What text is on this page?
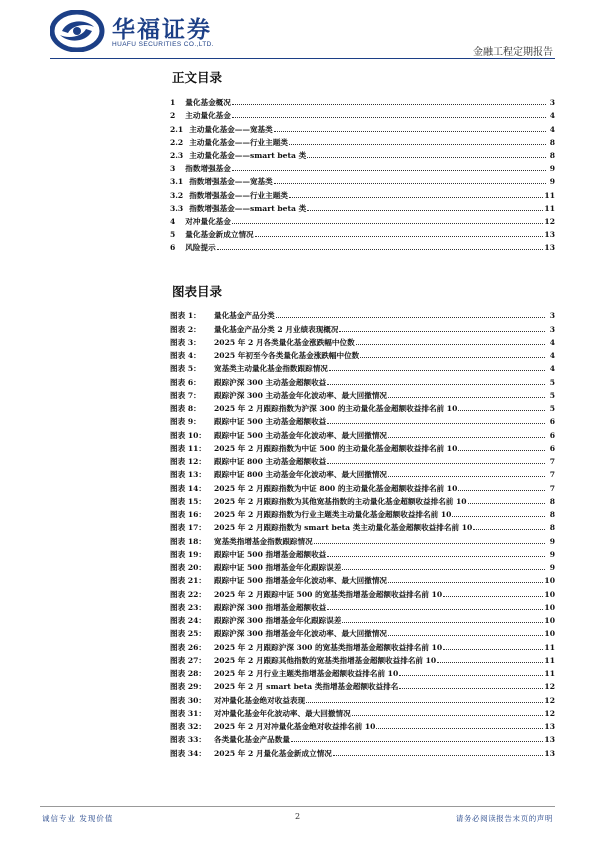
华福证券
HUAFU SECURITIES CO.,LTD.
金融工程定期报告
正文目录
1 量化基金概况	3
2 主动量化基金	4
2.1 主动量化基金——宽基类	4
2.2 主动量化基金——行业主题类	8
2.3 主动量化基金——smart beta 类	8
3 指数增强基金	9
3.1 指数增强基金——宽基类	9
3.2 指数增强基金——行业主题类	11
3.3 指数增强基金——smart beta 类	11
4 对冲量化基金	12
5 量化基金新成立情况	13
6 风险提示	13
图表目录
图表 1：	量化基金产品分类	3
图表 2：	量化基金产品分类 2 月业绩表现概况	3
图表 3：	2025 年 2 月各类量化基金涨跌幅中位数	4
图表 4：	2025 年初至今各类量化基金涨跌幅中位数	4
图表 5：	宽基类主动量化基金指数跟踪情况	4
图表 6：	跟踪沪深 300 主动基金超额收益	5
图表 7：	跟踪沪深 300 主动基金年化波动率、最大回撤情况	5
图表 8：	2025 年 2 月跟踪指数为沪深 300 的主动量化基金超额收益排名前 10	5
图表 9：	跟踪中证 500 主动基金超额收益	6
图表 10：	跟踪中证 500 主动基金年化波动率、最大回撤情况	6
图表 11：	2025 年 2 月跟踪指数为中证 500 的主动量化基金超额收益排名前 10	6
图表 12：	跟踪中证 800 主动基金超额收益	7
图表 13：	跟踪中证 800 主动基金年化波动率、最大回撤情况	7
图表 14：	2025 年 2 月跟踪指数为中证 800 的主动量化基金超额收益排名前 10	7
图表 15：	2025 年 2 月跟踪指数为其他宽基指数的主动量化基金超额收益排名前 10	8
图表 16：	2025 年 2 月跟踪指数为行业主题类主动量化基金超额收益排名前 10	8
图表 17：	2025 年 2 月跟踪指数为 smart beta 类主动量化基金超额收益排名前 10	8
图表 18：	宽基类指增基金指数跟踪情况	9
图表 19：	跟踪中证 500 指增基金超额收益	9
图表 20：	跟踪中证 500 指增基金年化跟踪误差	9
图表 21：	跟踪中证 500 指增基金年化波动率、最大回撤情况	10
图表 22：	2025 年 2 月跟踪中证 500 的宽基类指增基金超额收益排名前 10	10
图表 23：	跟踪沪深 300 指增基金超额收益	10
图表 24：	跟踪沪深 300 指增基金年化跟踪误差	10
图表 25：	跟踪沪深 300 指增基金年化波动率、最大回撤情况	10
图表 26：	2025 年 2 月跟踪沪深 300 的宽基类指增基金超额收益排名前 10	11
图表 27：	2025 年 2 月跟踪其他指数的宽基类指增基金超额收益排名前 10	11
图表 28：	2025 年 2 月行业主题类指增基金超额收益排名前 10	11
图表 29：	2025 年 2 月 smart beta 类指增基金超额收益排名	12
图表 30：	对冲量化基金绝对收益表现	12
图表 31：	对冲量化基金年化波动率、最大回撤情况	12
图表 32：	2025 年 2 月对冲量化基金绝对收益排名前 10	13
图表 33：	各类量化基金产品数量	13
图表 34：	2025 年 2 月量化基金新成立情况	13
诚信专业 发现价值	2	请务必阅读报告末页的声明
